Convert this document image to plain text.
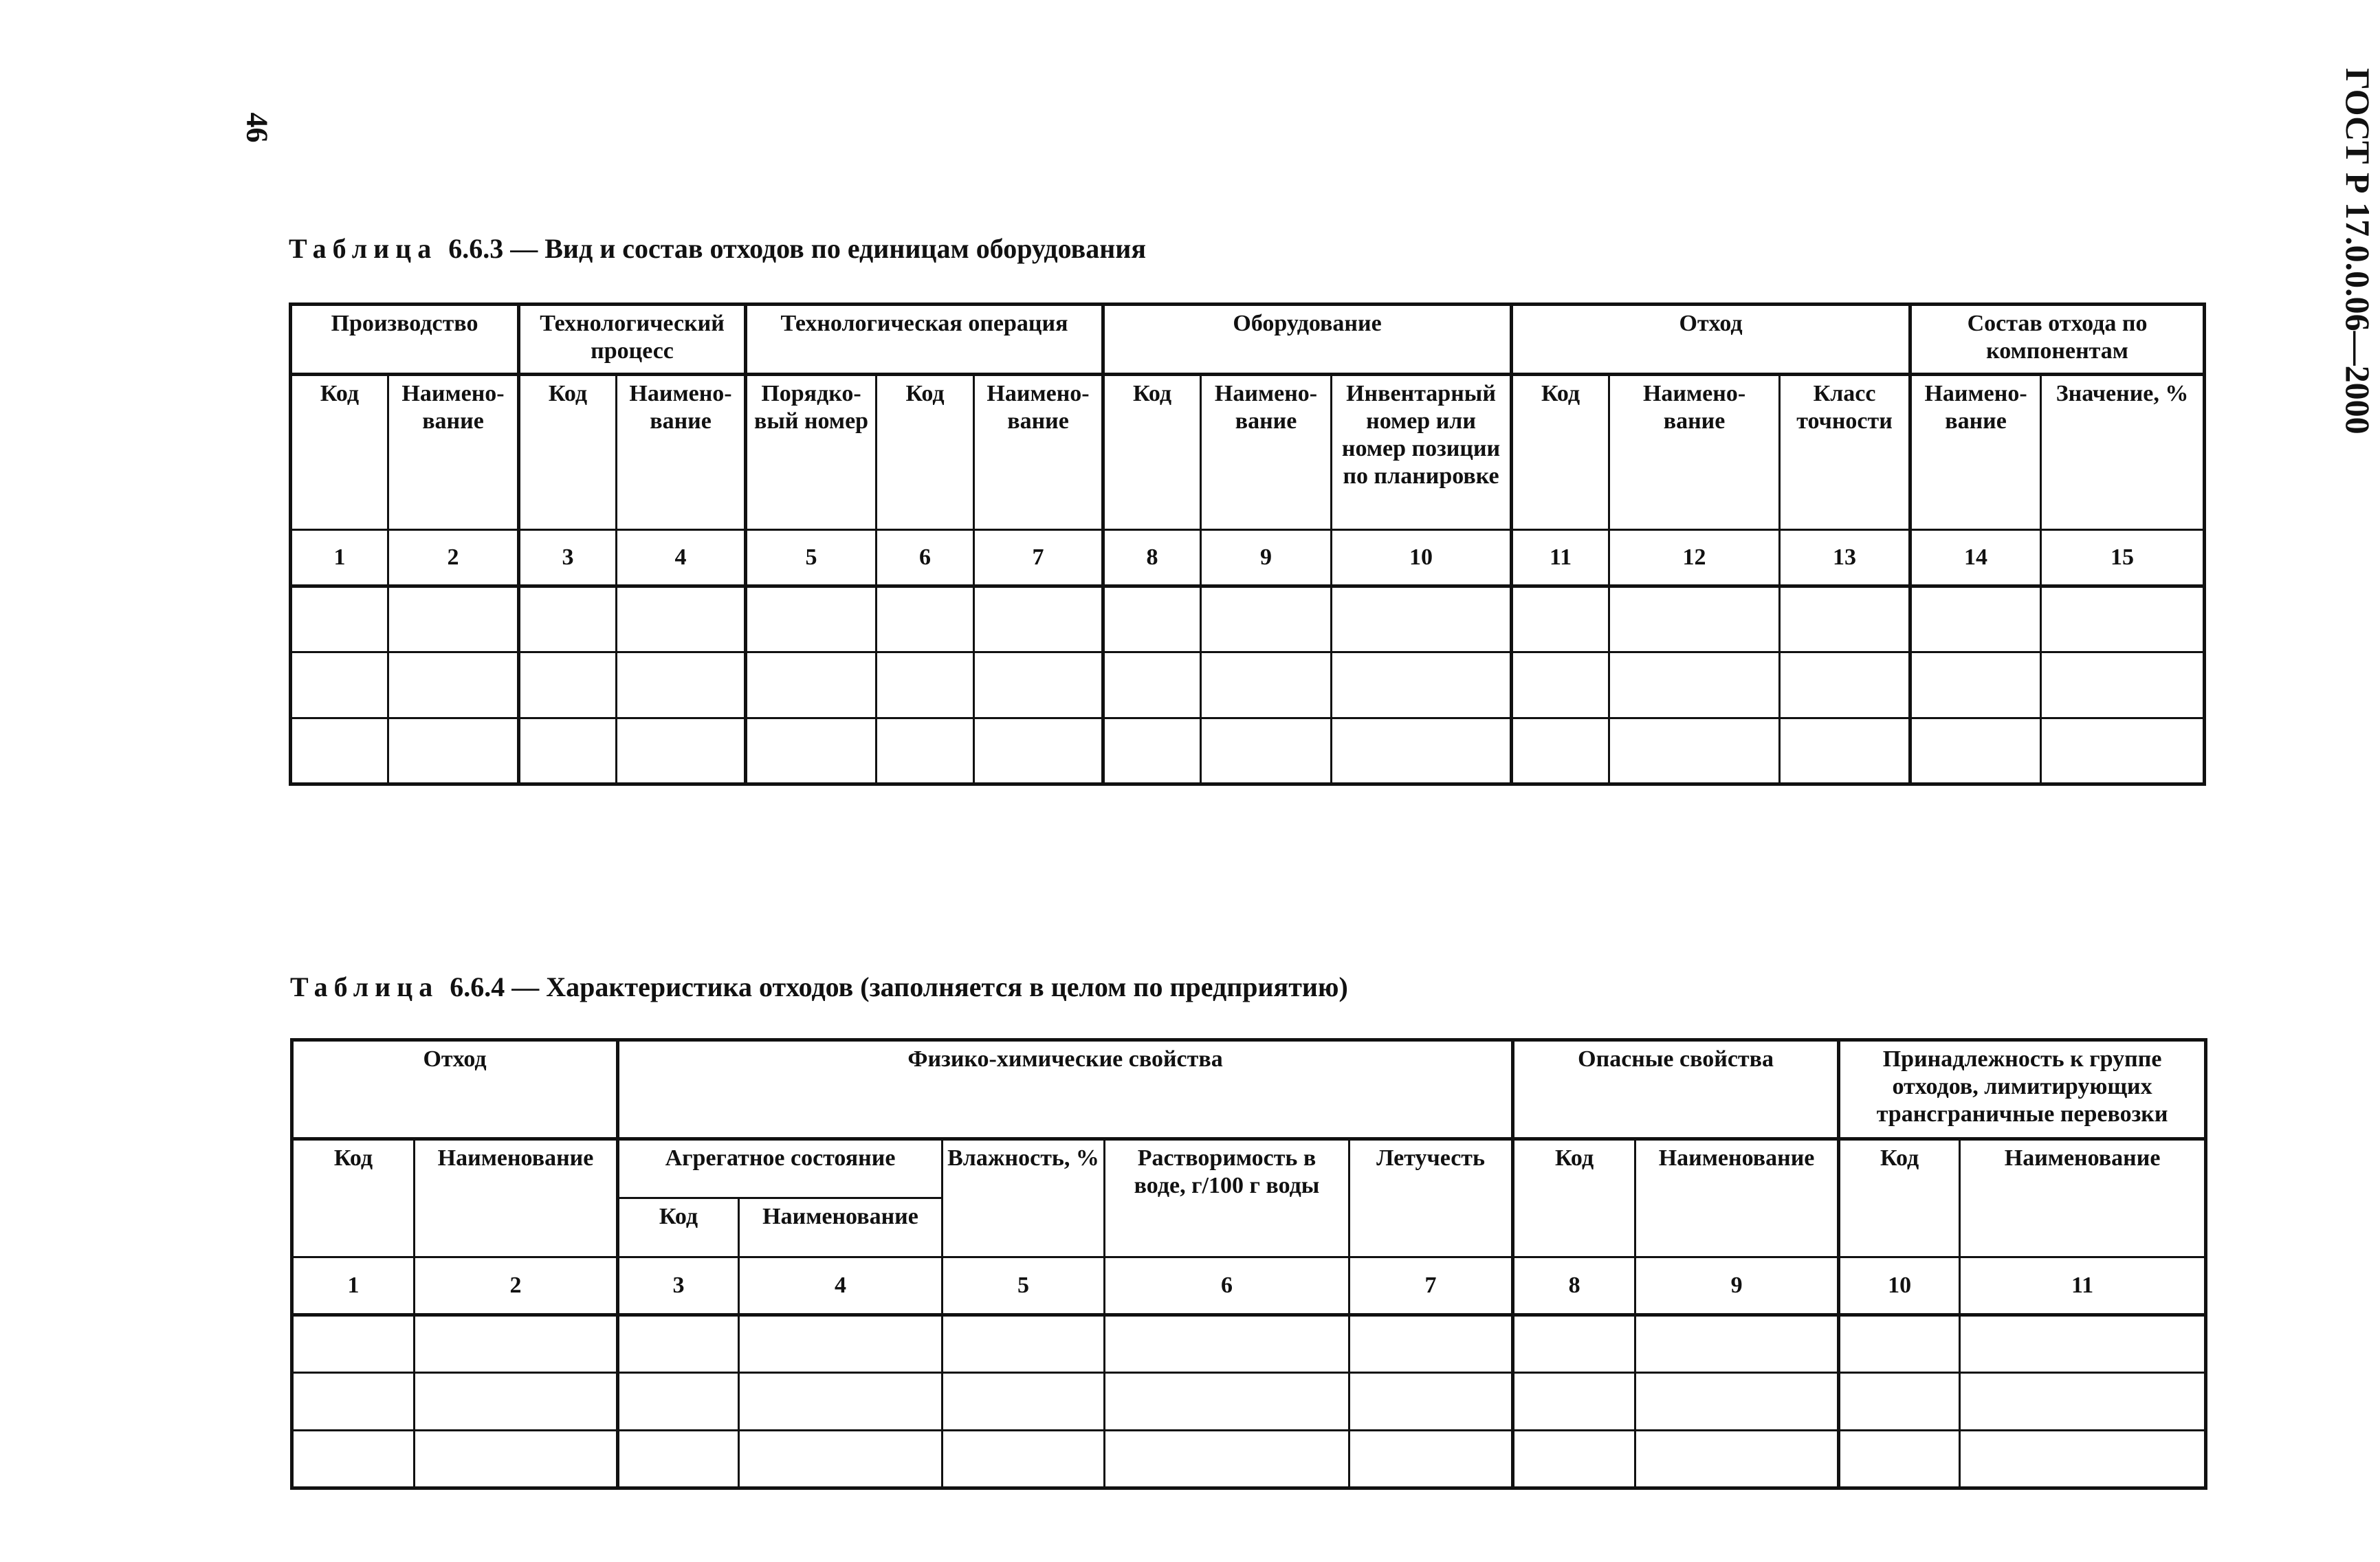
46	ГОСТ Р 17.0.0.06—2000
Таблица 6.6.3 — Вид и состав отходов по единицам оборудования
Производство		Технологический процесс		Технологическая операция			Оборудование			Отход			Состав отхода по компонентам	
Код	Наимено-вание	Код	Наимено-вание	Порядко-вый номер	Код	Наимено-вание	Код	Наимено-вание	Инвентарный номер или номер позиции по планировке	Код	Наимено-вание	Класс точности	Наимено-вание	Значение, %
1	2	3	4	5	6	7	8	9	10	11	12	13	14	15

Таблица 6.6.4 — Характеристика отходов (заполняется в целом по предприятию)
Отход		Физико-химические свойства					Опасные свойства		Принадлежность к группе отходов, лимитирующих трансграничные перевозки	
Код	Наименование	Агрегатное состояние		Влажность, %	Растворимость в воде, г/100 г воды	Летучесть	Код	Наименование	Код	Наименование
		Код	Наименование							
1	2	3	4	5	6	7	8	9	10	11
